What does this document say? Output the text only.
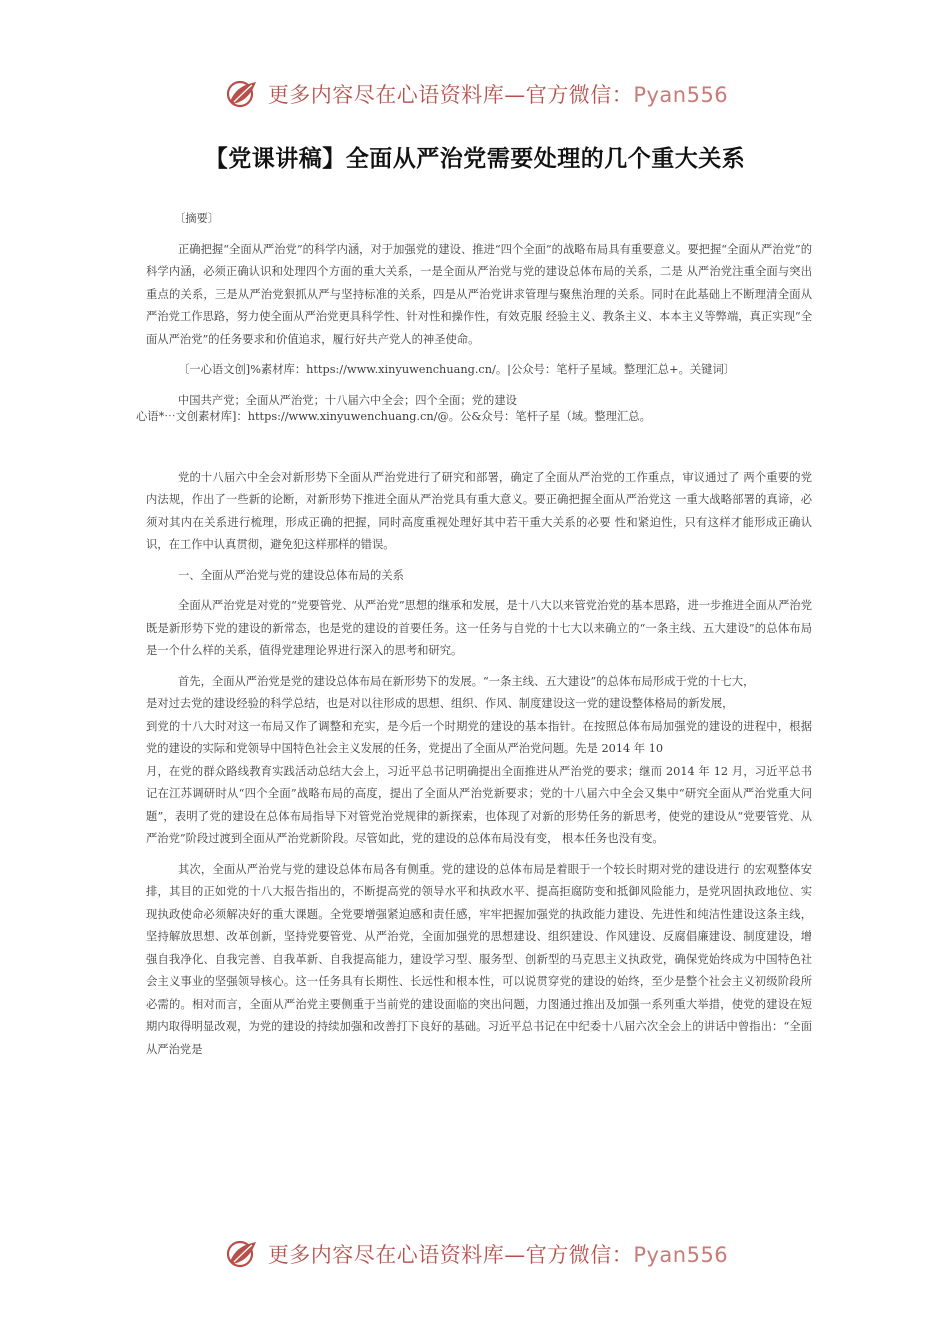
更多内容尽在心语资料库—官方微信：Pyan556
【党课讲稿】全面从严治党需要处理的几个重大关系

〔摘要〕

正确把握“全面从严治党”的科学内涵，对于加强党的建设、推进“四个全面”的战略布局具有重要意义。要把握“全面从严治党”的科学内涵，必须正确认识和处理四个方面的重大关系，一是全面从严治党与党的建设总体布局的关系，二是 从严治党注重全面与突出重点的关系，三是从严治党狠抓从严与坚持标准的关系，四是从严治党讲求管理与聚焦治理的关系。同时在此基础上不断理清全面从严治党工作思路，努力使全面从严治党更具科学性、针对性和操作性，有效克服 经验主义、教条主义、本本主义等弊端，真正实现“全面从严治党”的任务要求和价值追求，履行好共产党人的神圣使命。

〔一心语文创]%素材库：https://www.xinyuwenchuang.cn/。|公众号：笔杆子星域。整理汇总+。关键词〕

中国共产党；全面从严治党；十八届六中全会；四个全面；党的建设

心语*⋯文创素材库]：https://www.xinyuwenchuang.cn/@。公&众号：笔杆子星（域。整理汇总。

党的十八届六中全会对新形势下全面从严治党进行了研究和部署，确定了全面从严治党的工作重点，审议通过了 两个重要的党内法规，作出了一些新的论断，对新形势下推进全面从严治党具有重大意义。要正确把握全面从严治党这 一重大战略部署的真谛，必须对其内在关系进行梳理，形成正确的把握，同时高度重视处理好其中若干重大关系的必要 性和紧迫性，只有这样才能形成正确认识，在工作中认真贯彻，避免犯这样那样的错误。

一、全面从严治党与党的建设总体布局的关系

全面从严治党是对党的“党要管党、从严治党”思想的继承和发展，是十八大以来管党治党的基本思路，进一步推进全面从严治党既是新形势下党的建设的新常态，也是党的建设的首要任务。这一任务与自党的十七大以来确立的“一条主线、五大建设”的总体布局是一个什么样的关系，值得党建理论界进行深入的思考和研究。

首先，全面从严治党是党的建设总体布局在新形势下的发展。“一条主线、五大建设”的总体布局形成于党的十七大，

是对过去党的建设经验的科学总结，也是对以往形成的思想、组织、作风、制度建设这一党的建设整体格局的新发展，

到党的十八大时对这一布局又作了调整和充实，是今后一个时期党的建设的基本指针。在按照总体布局加强党的建设的进程中，根据党的建设的实际和党领导中国特色社会主义发展的任务，党提出了全面从严治党问题。先是 2014 年 10

月，在党的群众路线教育实践活动总结大会上，习近平总书记明确提出全面推进从严治党的要求；继而 2014 年 12 月，习近平总书记在江苏调研时从“四个全面”战略布局的高度，提出了全面从严治党新要求；党的十八届六中全会又集中“研究全面从严治党重大问题”，表明了党的建设在总体布局指导下对管党治党规律的新探索，也体现了对新的形势任务的新思考，使党的建设从“党要管党、从严治党”阶段过渡到全面从严治党新阶段。尽管如此，党的建设的总体布局没有变， 根本任务也没有变。

其次，全面从严治党与党的建设总体布局各有侧重。党的建设的总体布局是着眼于一个较长时期对党的建设进行 的宏观整体安排，其目的正如党的十八大报告指出的，不断提高党的领导水平和执政水平、提高拒腐防变和抵御风险能力，是党巩固执政地位、实现执政使命必须解决好的重大课题。全党要增强紧迫感和责任感，牢牢把握加强党的执政能力建设、先进性和纯洁性建设这条主线，坚持解放思想、改革创新，坚持党要管党、从严治党，全面加强党的思想建设、组织建设、作风建设、反腐倡廉建设、制度建设，增强自我净化、自我完善、自我革新、自我提高能力，建设学习型、服务型、创新型的马克思主义执政党，确保党始终成为中国特色社会主义事业的坚强领导核心。这一任务具有长期性、长远性和根本性，可以说贯穿党的建设的始终，至少是整个社会主义初级阶段所必需的。相对而言，全面从严治党主要侧重于当前党的建设面临的突出问题，力图通过推出及加强一系列重大举措，使党的建设在短期内取得明显改观，为党的建设的持续加强和改善打下良好的基础。习近平总书记在中纪委十八届六次全会上的讲话中曾指出：“全面从严治党是

更多内容尽在心语资料库—官方微信：Pyan556
